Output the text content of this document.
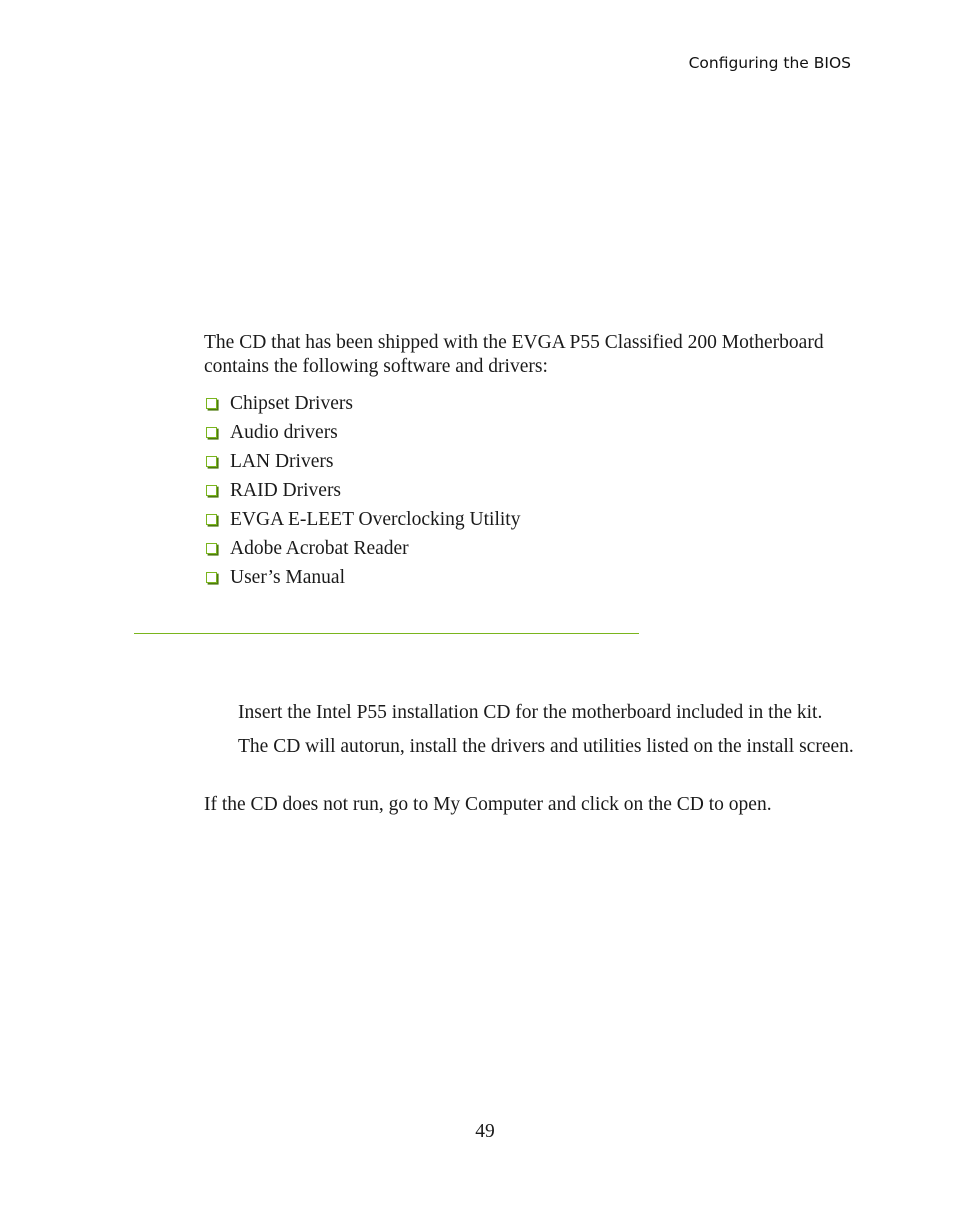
Configuring the BIOS

The CD that has been shipped with the EVGA P55 Classified 200 Motherboard contains the following software and drivers:

Chipset Drivers
Audio drivers
LAN Drivers
RAID Drivers
EVGA E-LEET Overclocking Utility
Adobe Acrobat Reader
User’s Manual

Insert the Intel P55 installation CD for the motherboard included in the kit.

The CD will autorun, install the drivers and utilities listed on the install screen.

If the CD does not run, go to My Computer and click on the CD to open.

49
